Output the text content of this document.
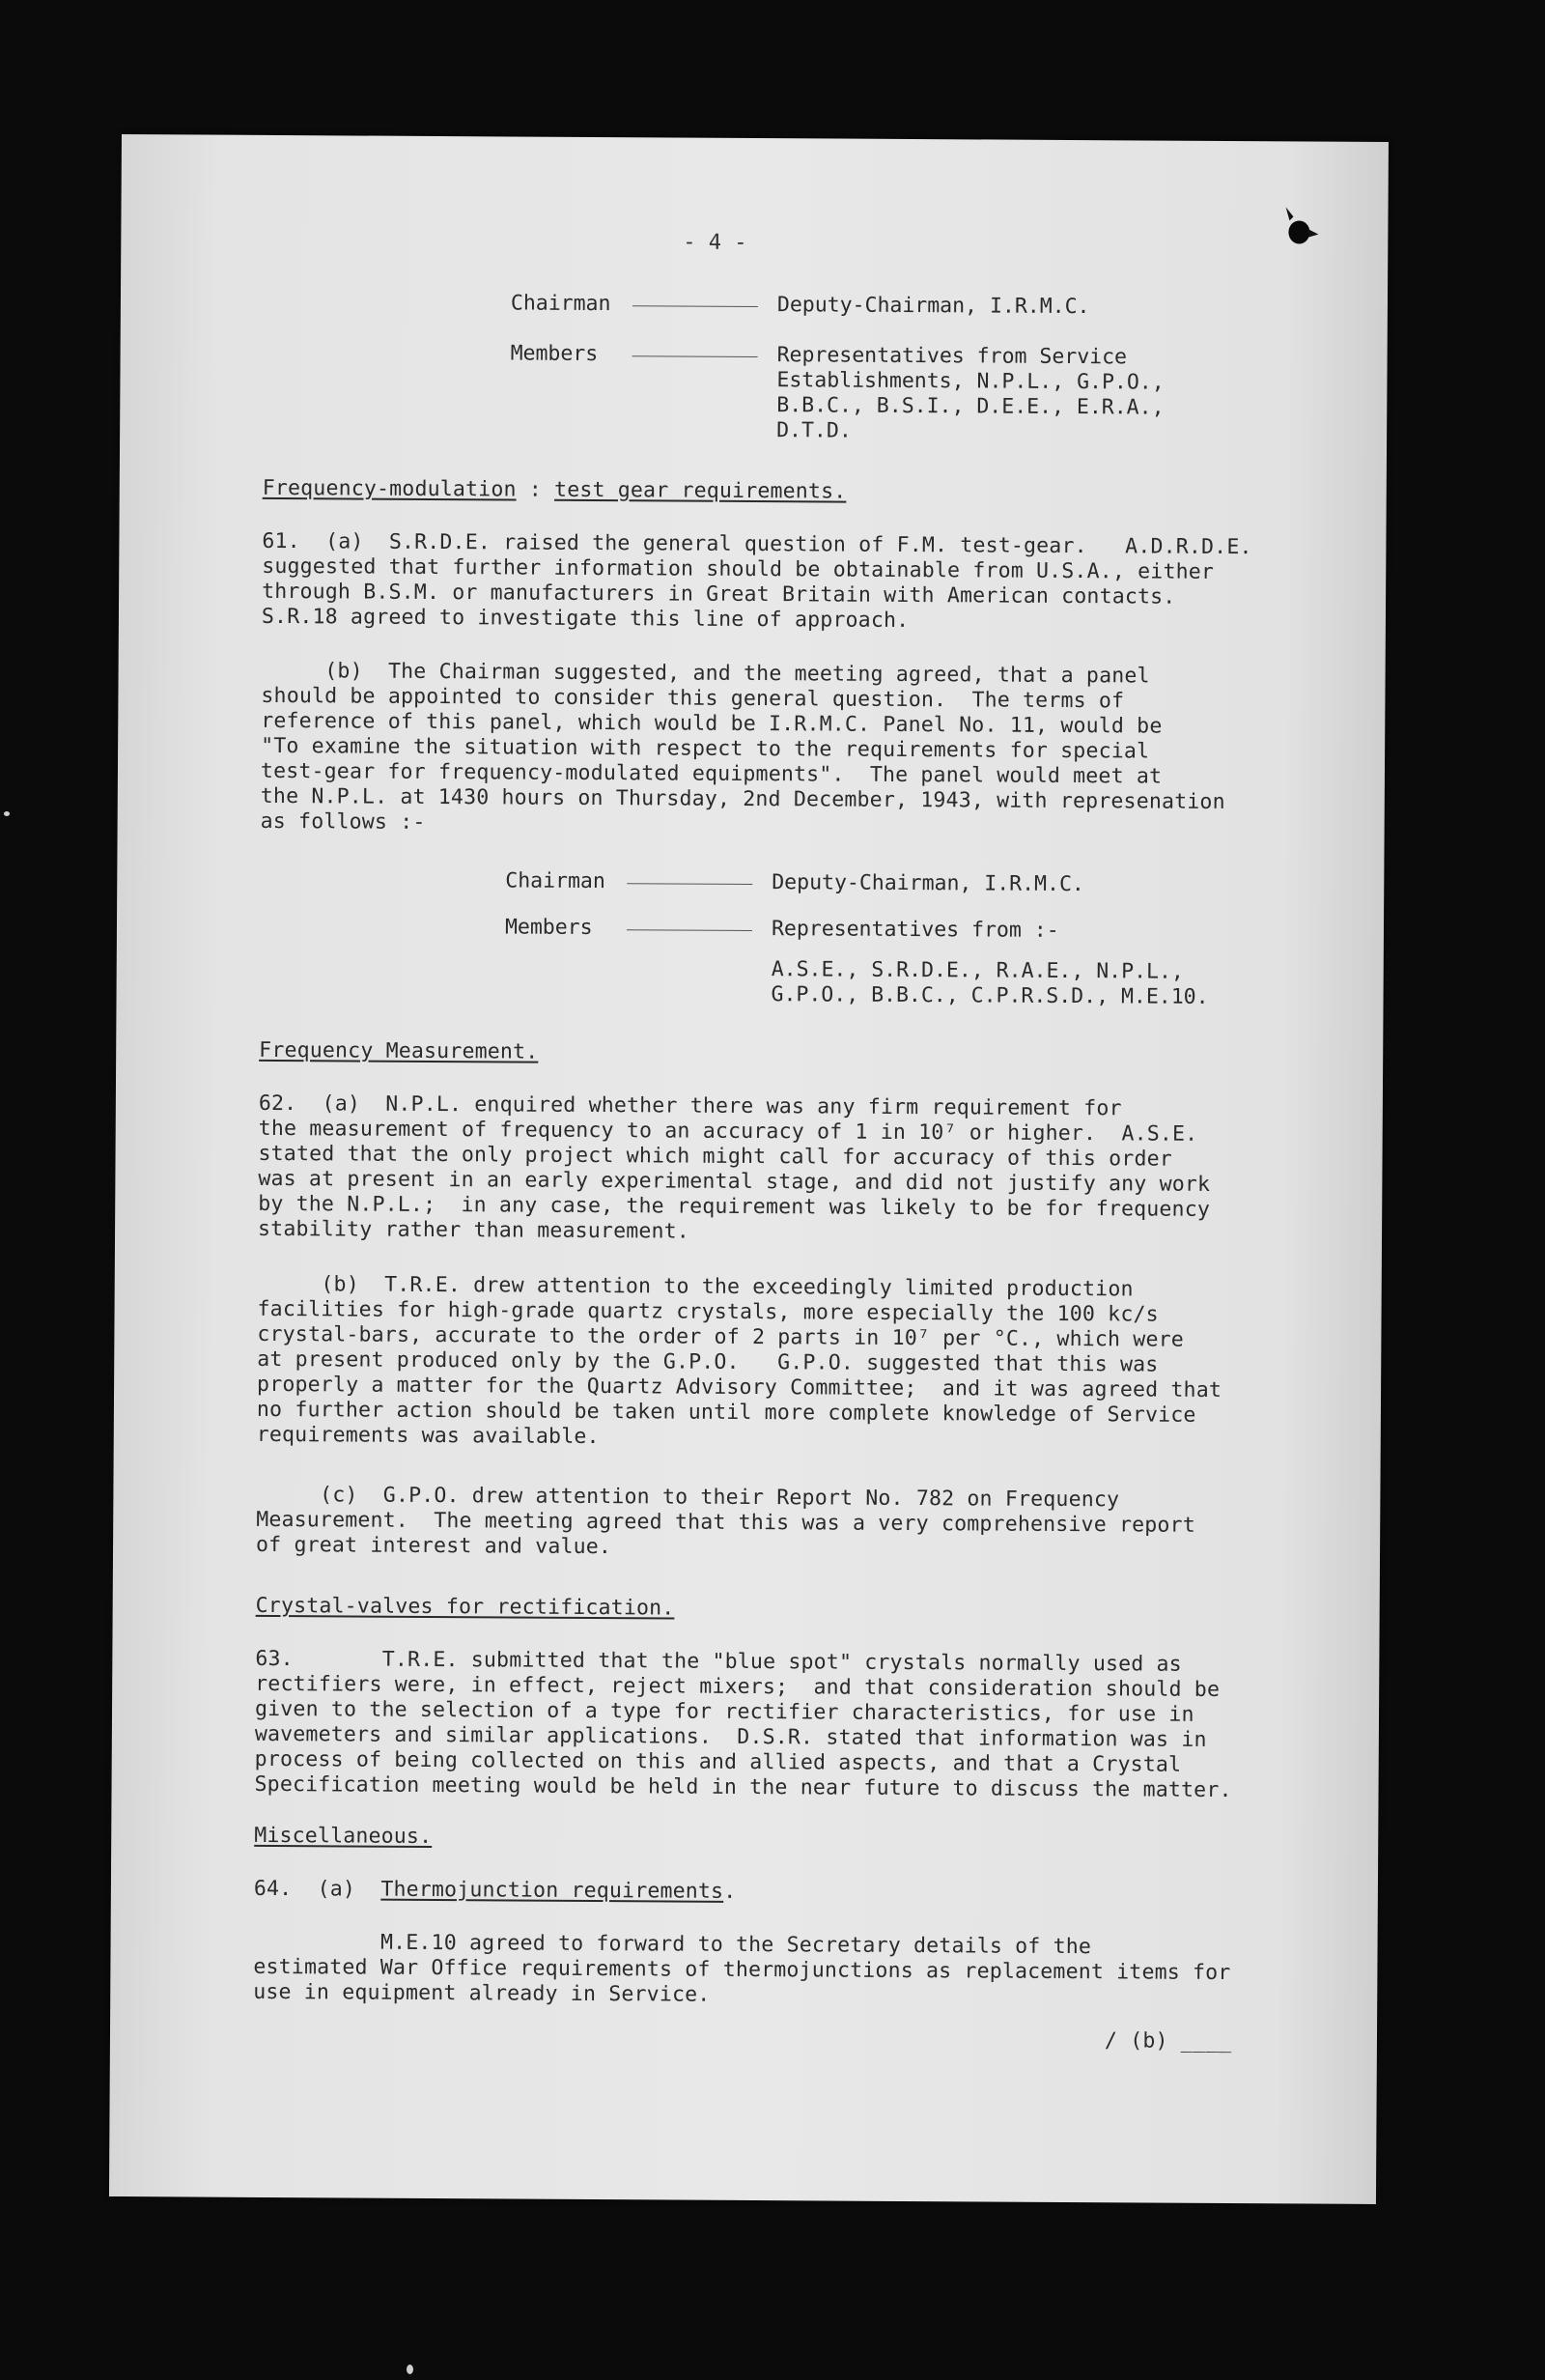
- 4 -
Chairman	Deputy-Chairman, I.R.M.C.
Members	Representatives from Service
Establishments, N.P.L., G.P.O.,
B.B.C., B.S.I., D.E.E., E.R.A.,
D.T.D.
Frequency-modulation : test gear requirements.
61.  (a)  S.R.D.E. raised the general question of F.M. test-gear.   A.D.R.D.E.
suggested that further information should be obtainable from U.S.A., either
through B.S.M. or manufacturers in Great Britain with American contacts.
S.R.18 agreed to investigate this line of approach.
(b)  The Chairman suggested, and the meeting agreed, that a panel
should be appointed to consider this general question.  The terms of
reference of this panel, which would be I.R.M.C. Panel No. 11, would be
"To examine the situation with respect to the requirements for special
test-gear for frequency-modulated equipments".  The panel would meet at
the N.P.L. at 1430 hours on Thursday, 2nd December, 1943, with represenation
as follows :-
Chairman	Deputy-Chairman, I.R.M.C.
Members	Representatives from :-
A.S.E., S.R.D.E., R.A.E., N.P.L.,
G.P.O., B.B.C., C.P.R.S.D., M.E.10.
Frequency Measurement.
62.  (a)  N.P.L. enquired whether there was any firm requirement for
the measurement of frequency to an accuracy of 1 in 10⁷ or higher.  A.S.E.
stated that the only project which might call for accuracy of this order
was at present in an early experimental stage, and did not justify any work
by the N.P.L.;  in any case, the requirement was likely to be for frequency
stability rather than measurement.
(b)  T.R.E. drew attention to the exceedingly limited production
facilities for high-grade quartz crystals, more especially the 100 kc/s
crystal-bars, accurate to the order of 2 parts in 10⁷ per °C., which were
at present produced only by the G.P.O.   G.P.O. suggested that this was
properly a matter for the Quartz Advisory Committee;  and it was agreed that
no further action should be taken until more complete knowledge of Service
requirements was available.
(c)  G.P.O. drew attention to their Report No. 782 on Frequency
Measurement.  The meeting agreed that this was a very comprehensive report
of great interest and value.
Crystal-valves for rectification.
63.       T.R.E. submitted that the "blue spot" crystals normally used as
rectifiers were, in effect, reject mixers;  and that consideration should be
given to the selection of a type for rectifier characteristics, for use in
wavemeters and similar applications.  D.S.R. stated that information was in
process of being collected on this and allied aspects, and that a Crystal
Specification meeting would be held in the near future to discuss the matter.
Miscellaneous.
64.  (a)  Thermojunction requirements.
M.E.10 agreed to forward to the Secretary details of the
estimated War Office requirements of thermojunctions as replacement items for
use in equipment already in Service.
/ (b) ____
